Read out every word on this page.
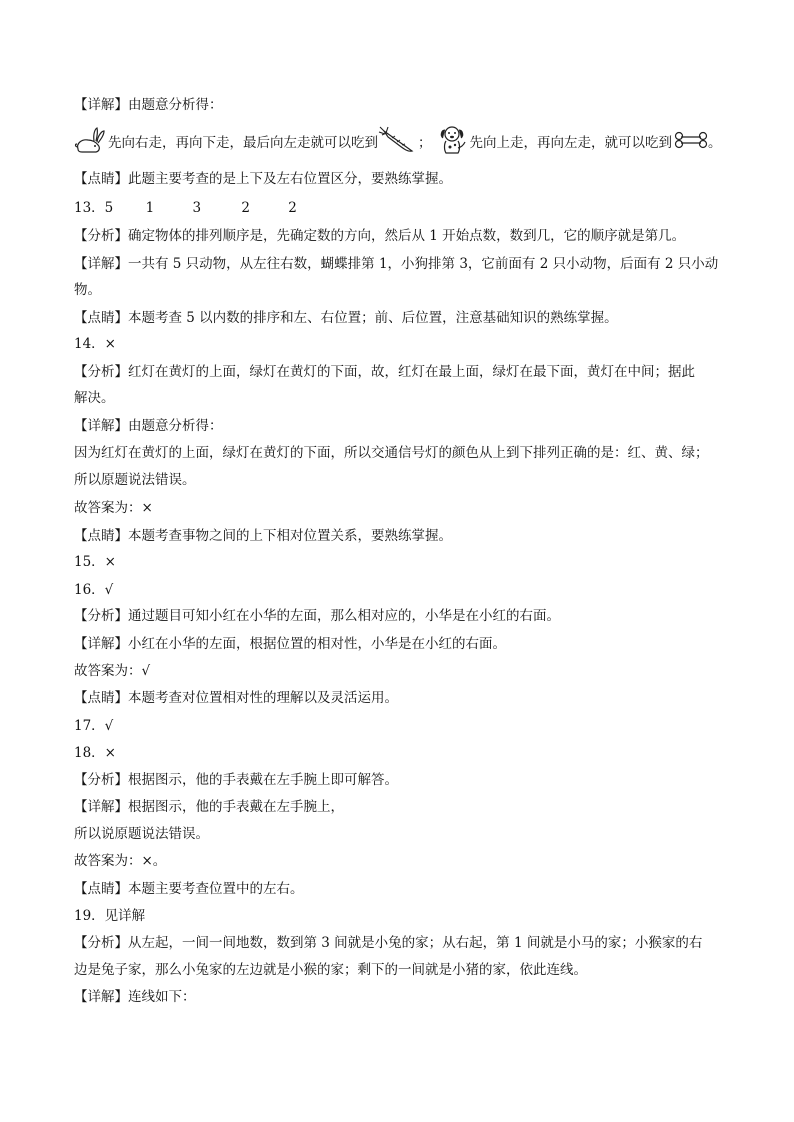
【详解】由题意分析得：
先向右走，再向下走，最后向左走就可以吃到	；	先向上走，再向左走，就可以吃到	。
【点睛】此题主要考查的是上下及左右位置区分，要熟练掌握。
13．5 1	3	2	2
【分析】确定物体的排列顺序是，先确定数的方向，然后从 1 开始点数，数到几，它的顺序就是第几。
【详解】一共有 5 只动物，从左往右数，蝴蝶排第 1，小狗排第 3，它前面有 2 只小动物，后面有 2 只小动
物。
【点睛】本题考查 5 以内数的排序和左、右位置；前、后位置，注意基础知识的熟练掌握。
14．×
【分析】红灯在黄灯的上面，绿灯在黄灯的下面，故，红灯在最上面，绿灯在最下面，黄灯在中间；据此
解决。
【详解】由题意分析得：
因为红灯在黄灯的上面，绿灯在黄灯的下面，所以交通信号灯的颜色从上到下排列正确的是：红、黄、绿；
所以原题说法错误。
故答案为：×
【点睛】本题考查事物之间的上下相对位置关系，要熟练掌握。
15．×
16．√
【分析】通过题目可知小红在小华的左面，那么相对应的，小华是在小红的右面。
【详解】小红在小华的左面，根据位置的相对性，小华是在小红的右面。
故答案为：√
【点睛】本题考查对位置相对性的理解以及灵活运用。
17．√
18．×
【分析】根据图示，他的手表戴在左手腕上即可解答。
【详解】根据图示，他的手表戴在左手腕上，
所以说原题说法错误。
故答案为：×。
【点睛】本题主要考查位置中的左右。
19．见详解
【分析】从左起，一间一间地数，数到第 3 间就是小兔的家；从右起，第 1 间就是小马的家；小猴家的右
边是兔子家，那么小兔家的左边就是小猴的家；剩下的一间就是小猪的家，依此连线。
【详解】连线如下：
